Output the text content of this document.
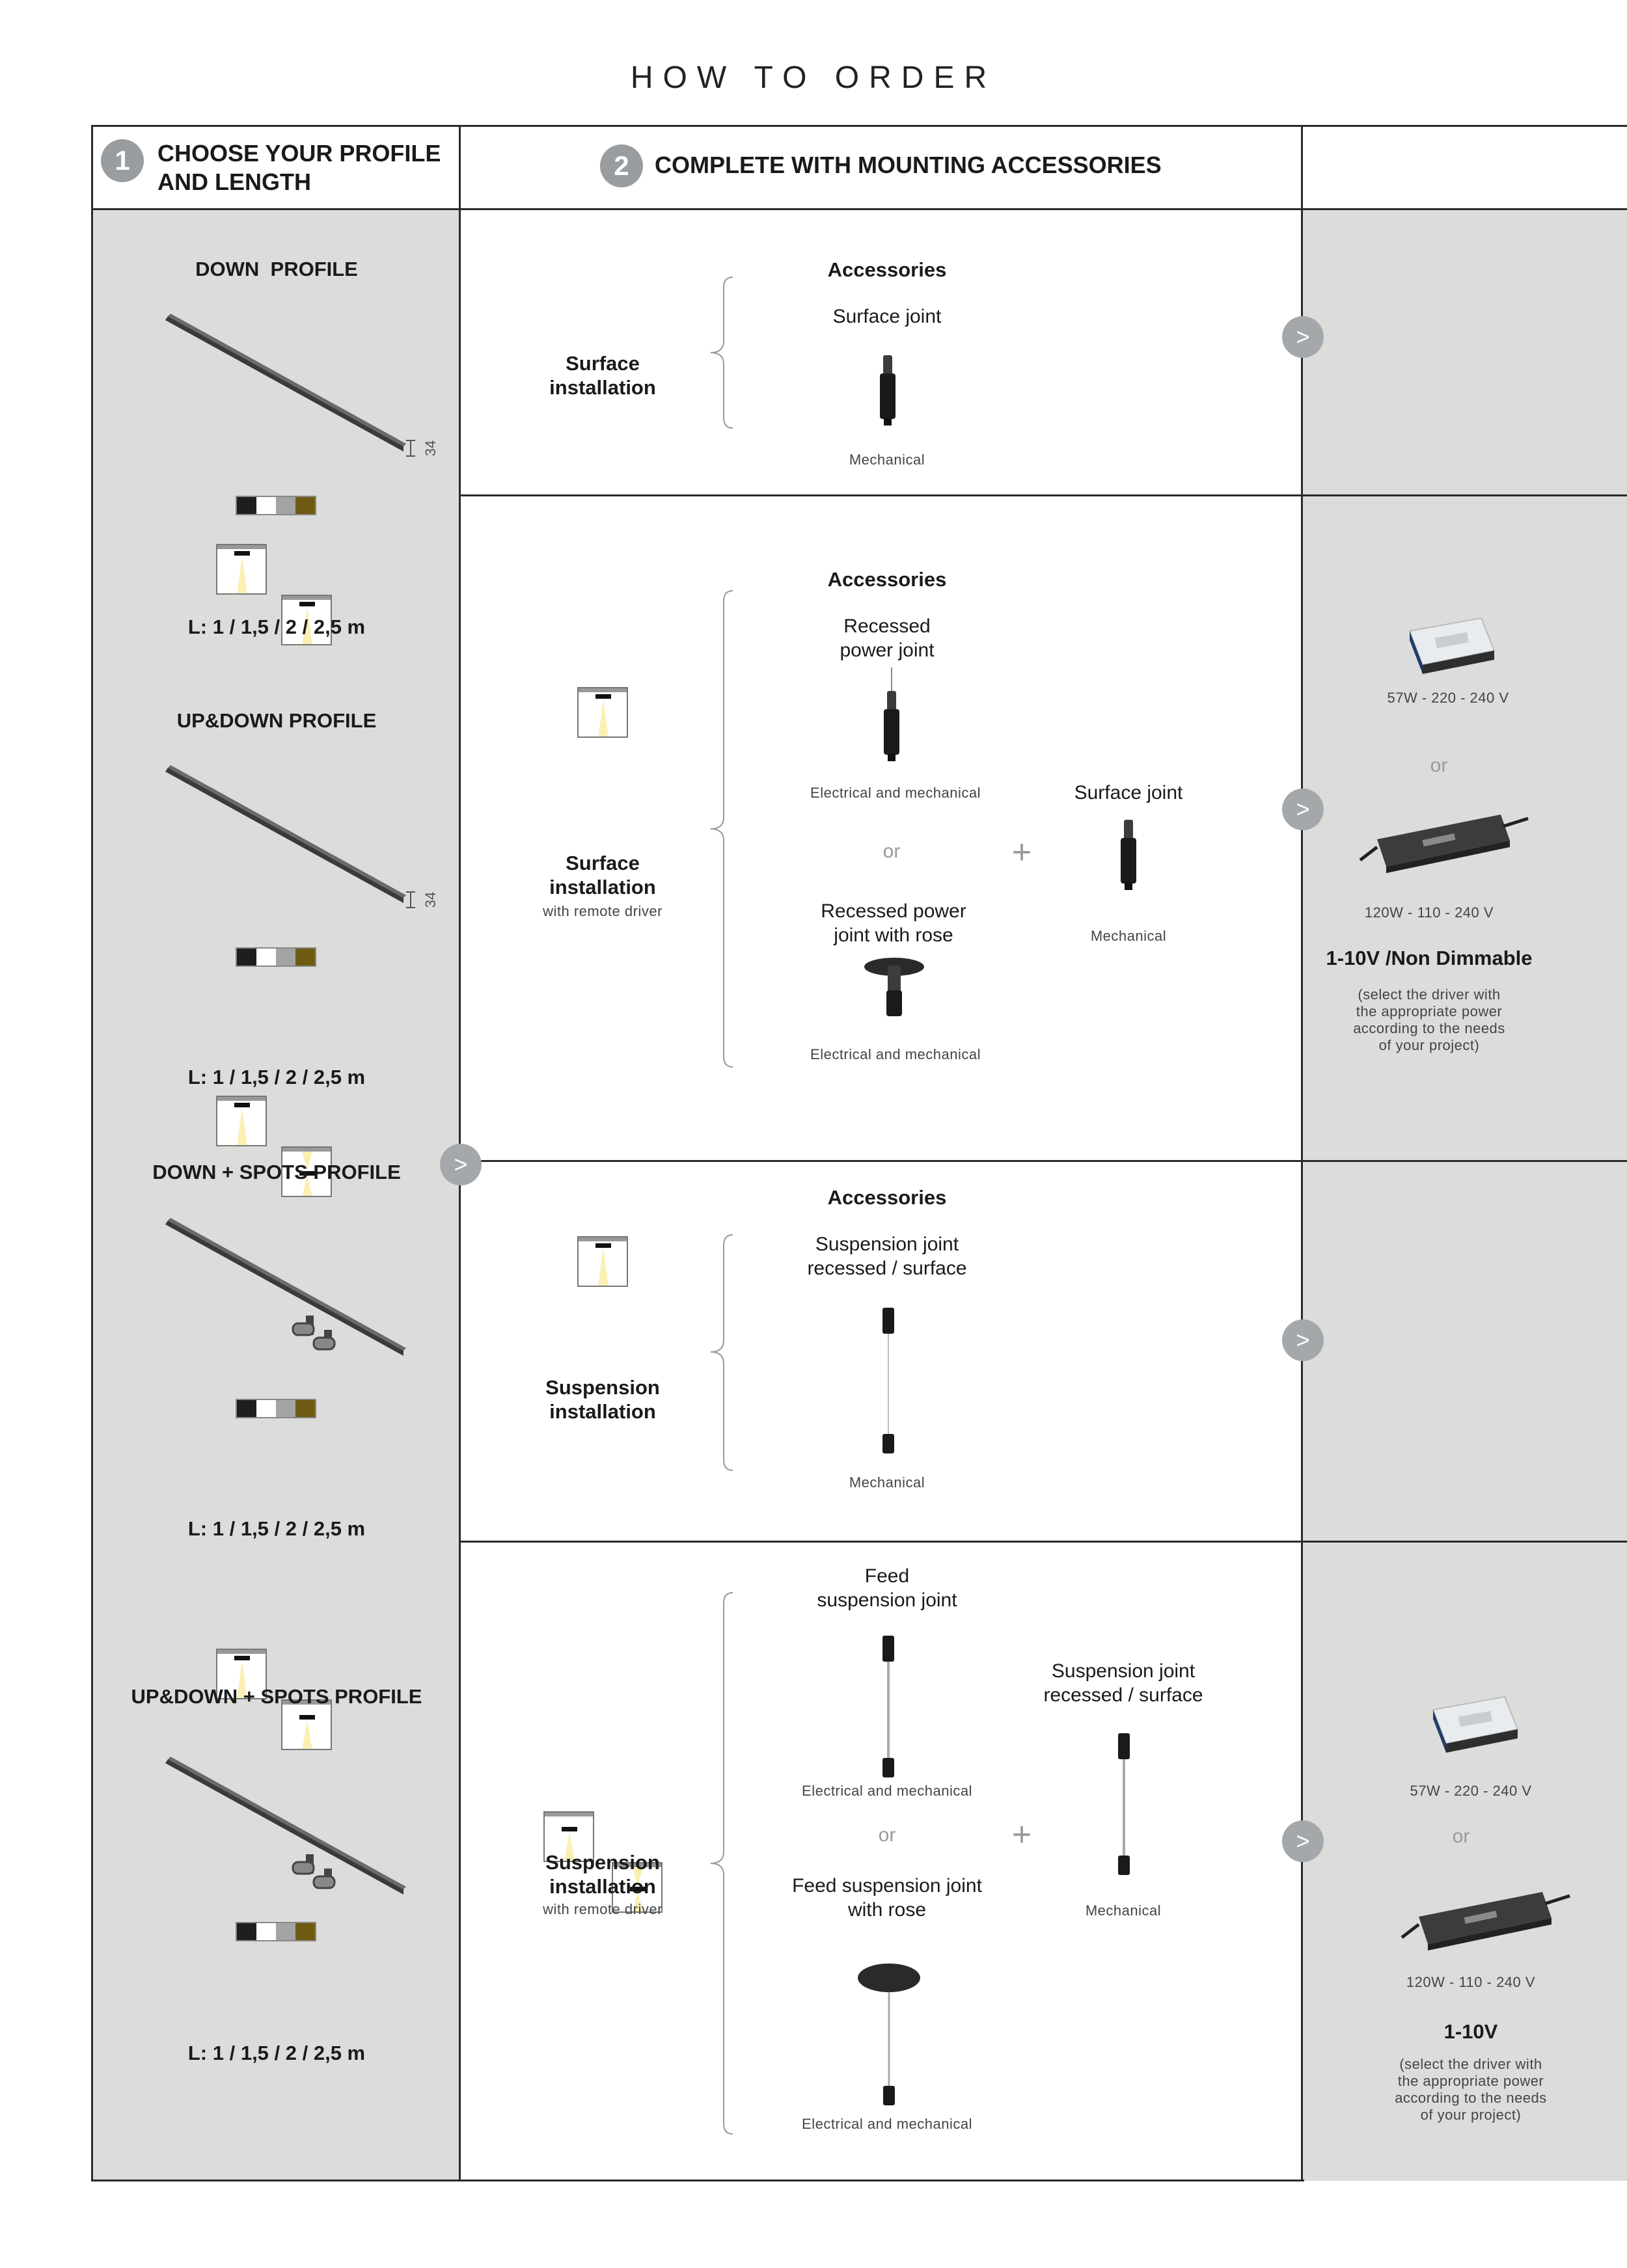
HOW TO ORDER
1	CHOOSE YOUR PROFILE
AND LENGTH
2	COMPLETE WITH MOUNTING ACCESSORIES
DOWN  PROFILE
34
L: 1 / 1,5 / 2 / 2,5 m
UP&DOWN PROFILE
34
L: 1 / 1,5 / 2 / 2,5 m
>
DOWN + SPOTS PROFILE
L: 1 / 1,5 / 2 / 2,5 m
UP&DOWN + SPOTS PROFILE
L: 1 / 1,5 / 2 / 2,5 m
Surface
installation
Accessories
Surface joint
Mechanical
>
Surface
installation
with remote driver
Accessories
Recessed
power joint
Electrical and mechanical
or
Recessed power
joint with rose
Electrical and mechanical
+
Surface joint
Mechanical
>
57W - 220 - 240 V
or
120W - 110 - 240 V
1-10V /Non Dimmable
(select the driver with
the appropriate power
according to the needs
of your project)
Suspension
installation
Accessories
Suspension joint
recessed / surface
Mechanical
>
Suspension
installation
with remote driver
Feed
suspension joint
Electrical and mechanical
or
Feed suspension joint
with rose
Electrical and mechanical
+
Suspension joint
recessed / surface
Mechanical
>
57W - 220 - 240 V
or
120W - 110 - 240 V
1-10V
(select the driver with
the appropriate power
according to the needs
of your project)
